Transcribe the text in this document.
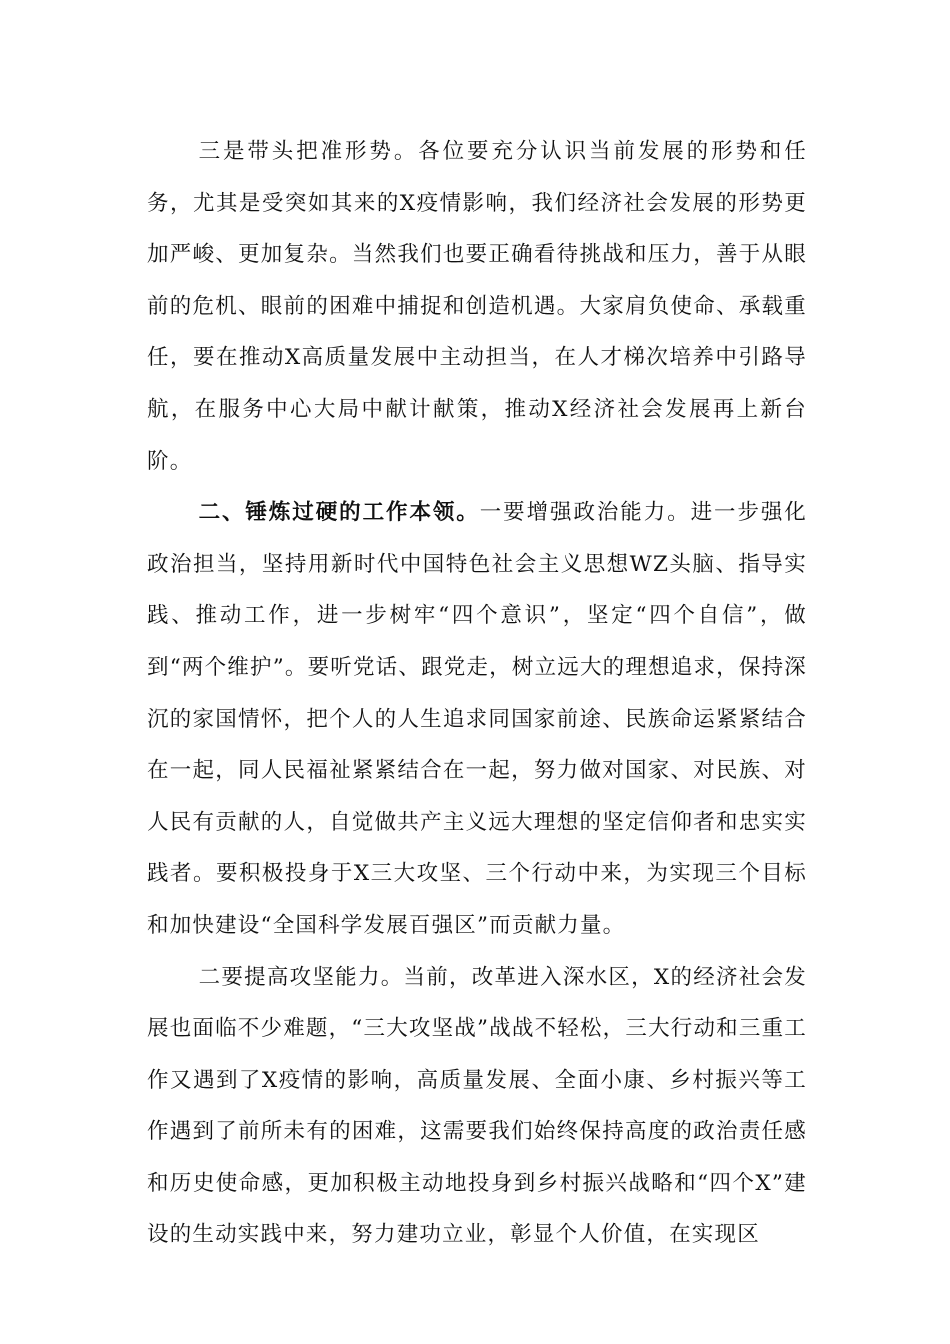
三是带头把准形势。各位要充分认识当前发展的形势和任务，尤其是受突如其来的X疫情影响，我们经济社会发展的形势更加严峻、更加复杂。当然我们也要正确看待挑战和压力，善于从眼前的危机、眼前的困难中捕捉和创造机遇。大家肩负使命、承载重任，要在推动X高质量发展中主动担当，在人才梯次培养中引路导航，在服务中心大局中献计献策，推动X经济社会发展再上新台阶。

二、锤炼过硬的工作本领。一要增强政治能力。进一步强化政治担当，坚持用新时代中国特色社会主义思想WZ头脑、指导实践、推动工作，进一步树牢“四个意识”，坚定“四个自信”，做到“两个维护”。要听党话、跟党走，树立远大的理想追求，保持深沉的家国情怀，把个人的人生追求同国家前途、民族命运紧紧结合在一起，同人民福祉紧紧结合在一起，努力做对国家、对民族、对人民有贡献的人，自觉做共产主义远大理想的坚定信仰者和忠实实践者。要积极投身于X三大攻坚、三个行动中来，为实现三个目标和加快建设“全国科学发展百强区”而贡献力量。

二要提高攻坚能力。当前，改革进入深水区，X的经济社会发展也面临不少难题，“三大攻坚战”战战不轻松，三大行动和三重工作又遇到了X疫情的影响，高质量发展、全面小康、乡村振兴等工作遇到了前所未有的困难，这需要我们始终保持高度的政治责任感和历史使命感，更加积极主动地投身到乡村振兴战略和“四个X”建设的生动实践中来，努力建功立业，彰显个人价值，在实现区
